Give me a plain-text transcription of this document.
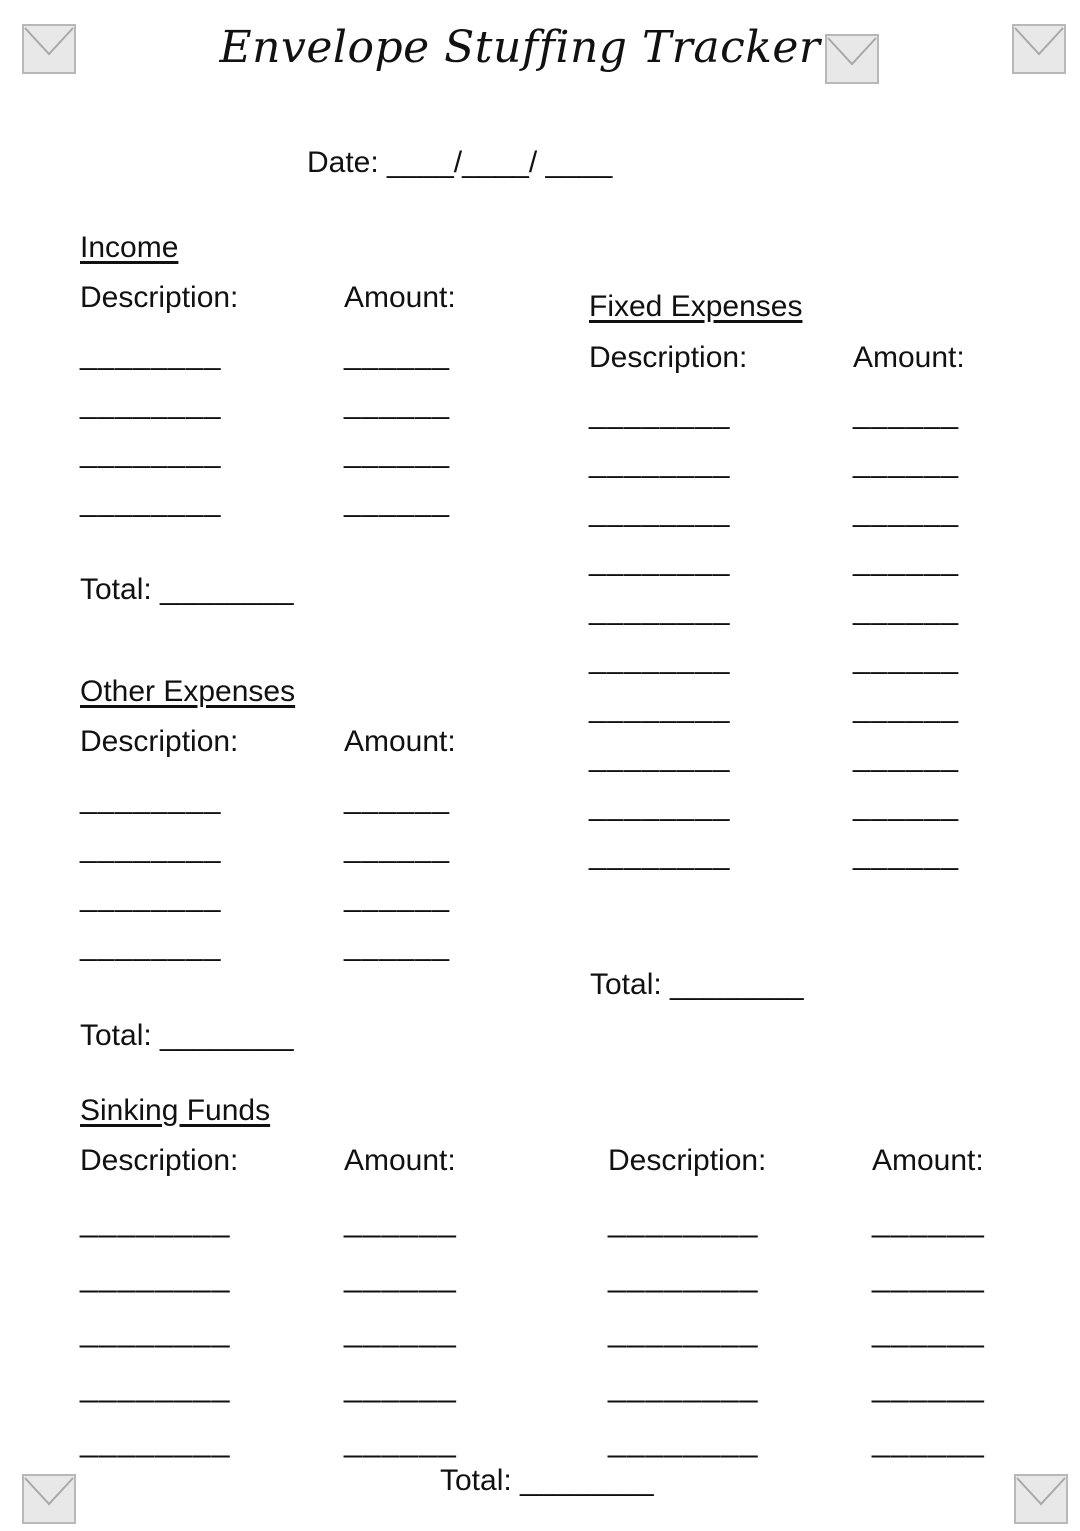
Envelope Stuffing Tracker
Date: ____/____/ ____
Income
Description:	Amount:
________	______
________	______
________	______
________	______
Total: ________
Other Expenses
Description:	Amount:
________	______
________	______
________	______
________	______
Total: ________
Fixed Expenses
Description:	Amount:
________	______
________	______
________	______
________	______
________	______
________	______
________	______
________	______
________	______
________	______
Total: ________
Sinking Funds
Description:	Amount:	Description:	Amount:
________	______	________	______
________	______	________	______
________	______	________	______
________	______	________	______
________	______	________	______
Total: ________
